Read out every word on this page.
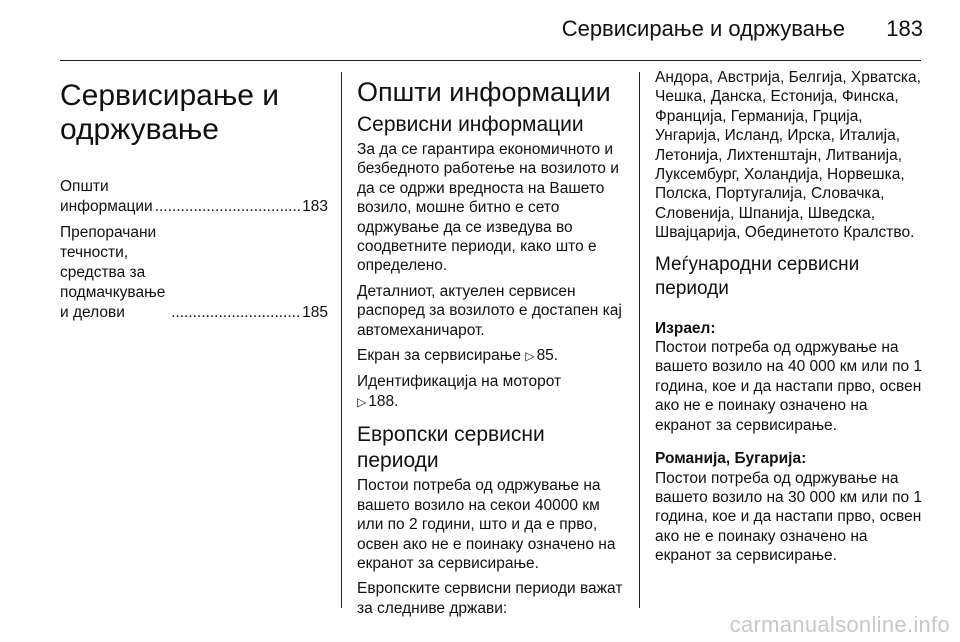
Сервисирање и одржување 183
Сервисирање и одржување
Општи информации .....	183
Препорачани течности, средства за подмачкување и делови .....	185
Општи информации
Сервисни информации

За да се гарантира економичното и безбедното работење на возилото и да се одржи вредноста на Вашето возило, мошне битно е сето одржување да се изведува во соодветните периоди, како што е определено.

Деталниот, актуелен сервисен распоред за возилото е достапен кај автомеханичарот.

Екран за сервисирање ▷ 85.

Идентификација на моторот
▷ 188.

Европски сервисни периоди

Постои потреба од одржување на вашето возило на секои 40000 км или по 2 години, што и да е прво, освен ако не е поинаку означено на екранот за сервисирање.

Европските сервисни периоди важат за следниве држави:

Андора, Австрија, Белгија, Хрватска, Чешка, Данска, Естонија, Финска, Франција, Германија, Грција, Унгарија, Исланд, Ирска, Италија, Летонија, Лихтенштајн, Литванија, Луксембург, Холандија, Норвешка, Полска, Португалија, Словачка, Словенија, Шпанија, Шведска, Швајцарија, Обединетото Кралство.

Меѓународни сервисни периоди
Израел:

Постои потреба од одржување на вашето возило на 40 000 км или по 1 година, кое и да настапи прво, освен ако не е поинаку означено на екранот за сервисирање.

Романија, Бугарија:

Постои потреба од одржување на вашето возило на 30 000 км или по 1 година, кое и да настапи прво, освен ако не е поинаку означено на екранот за сервисирање.

carmanualsonline.info
